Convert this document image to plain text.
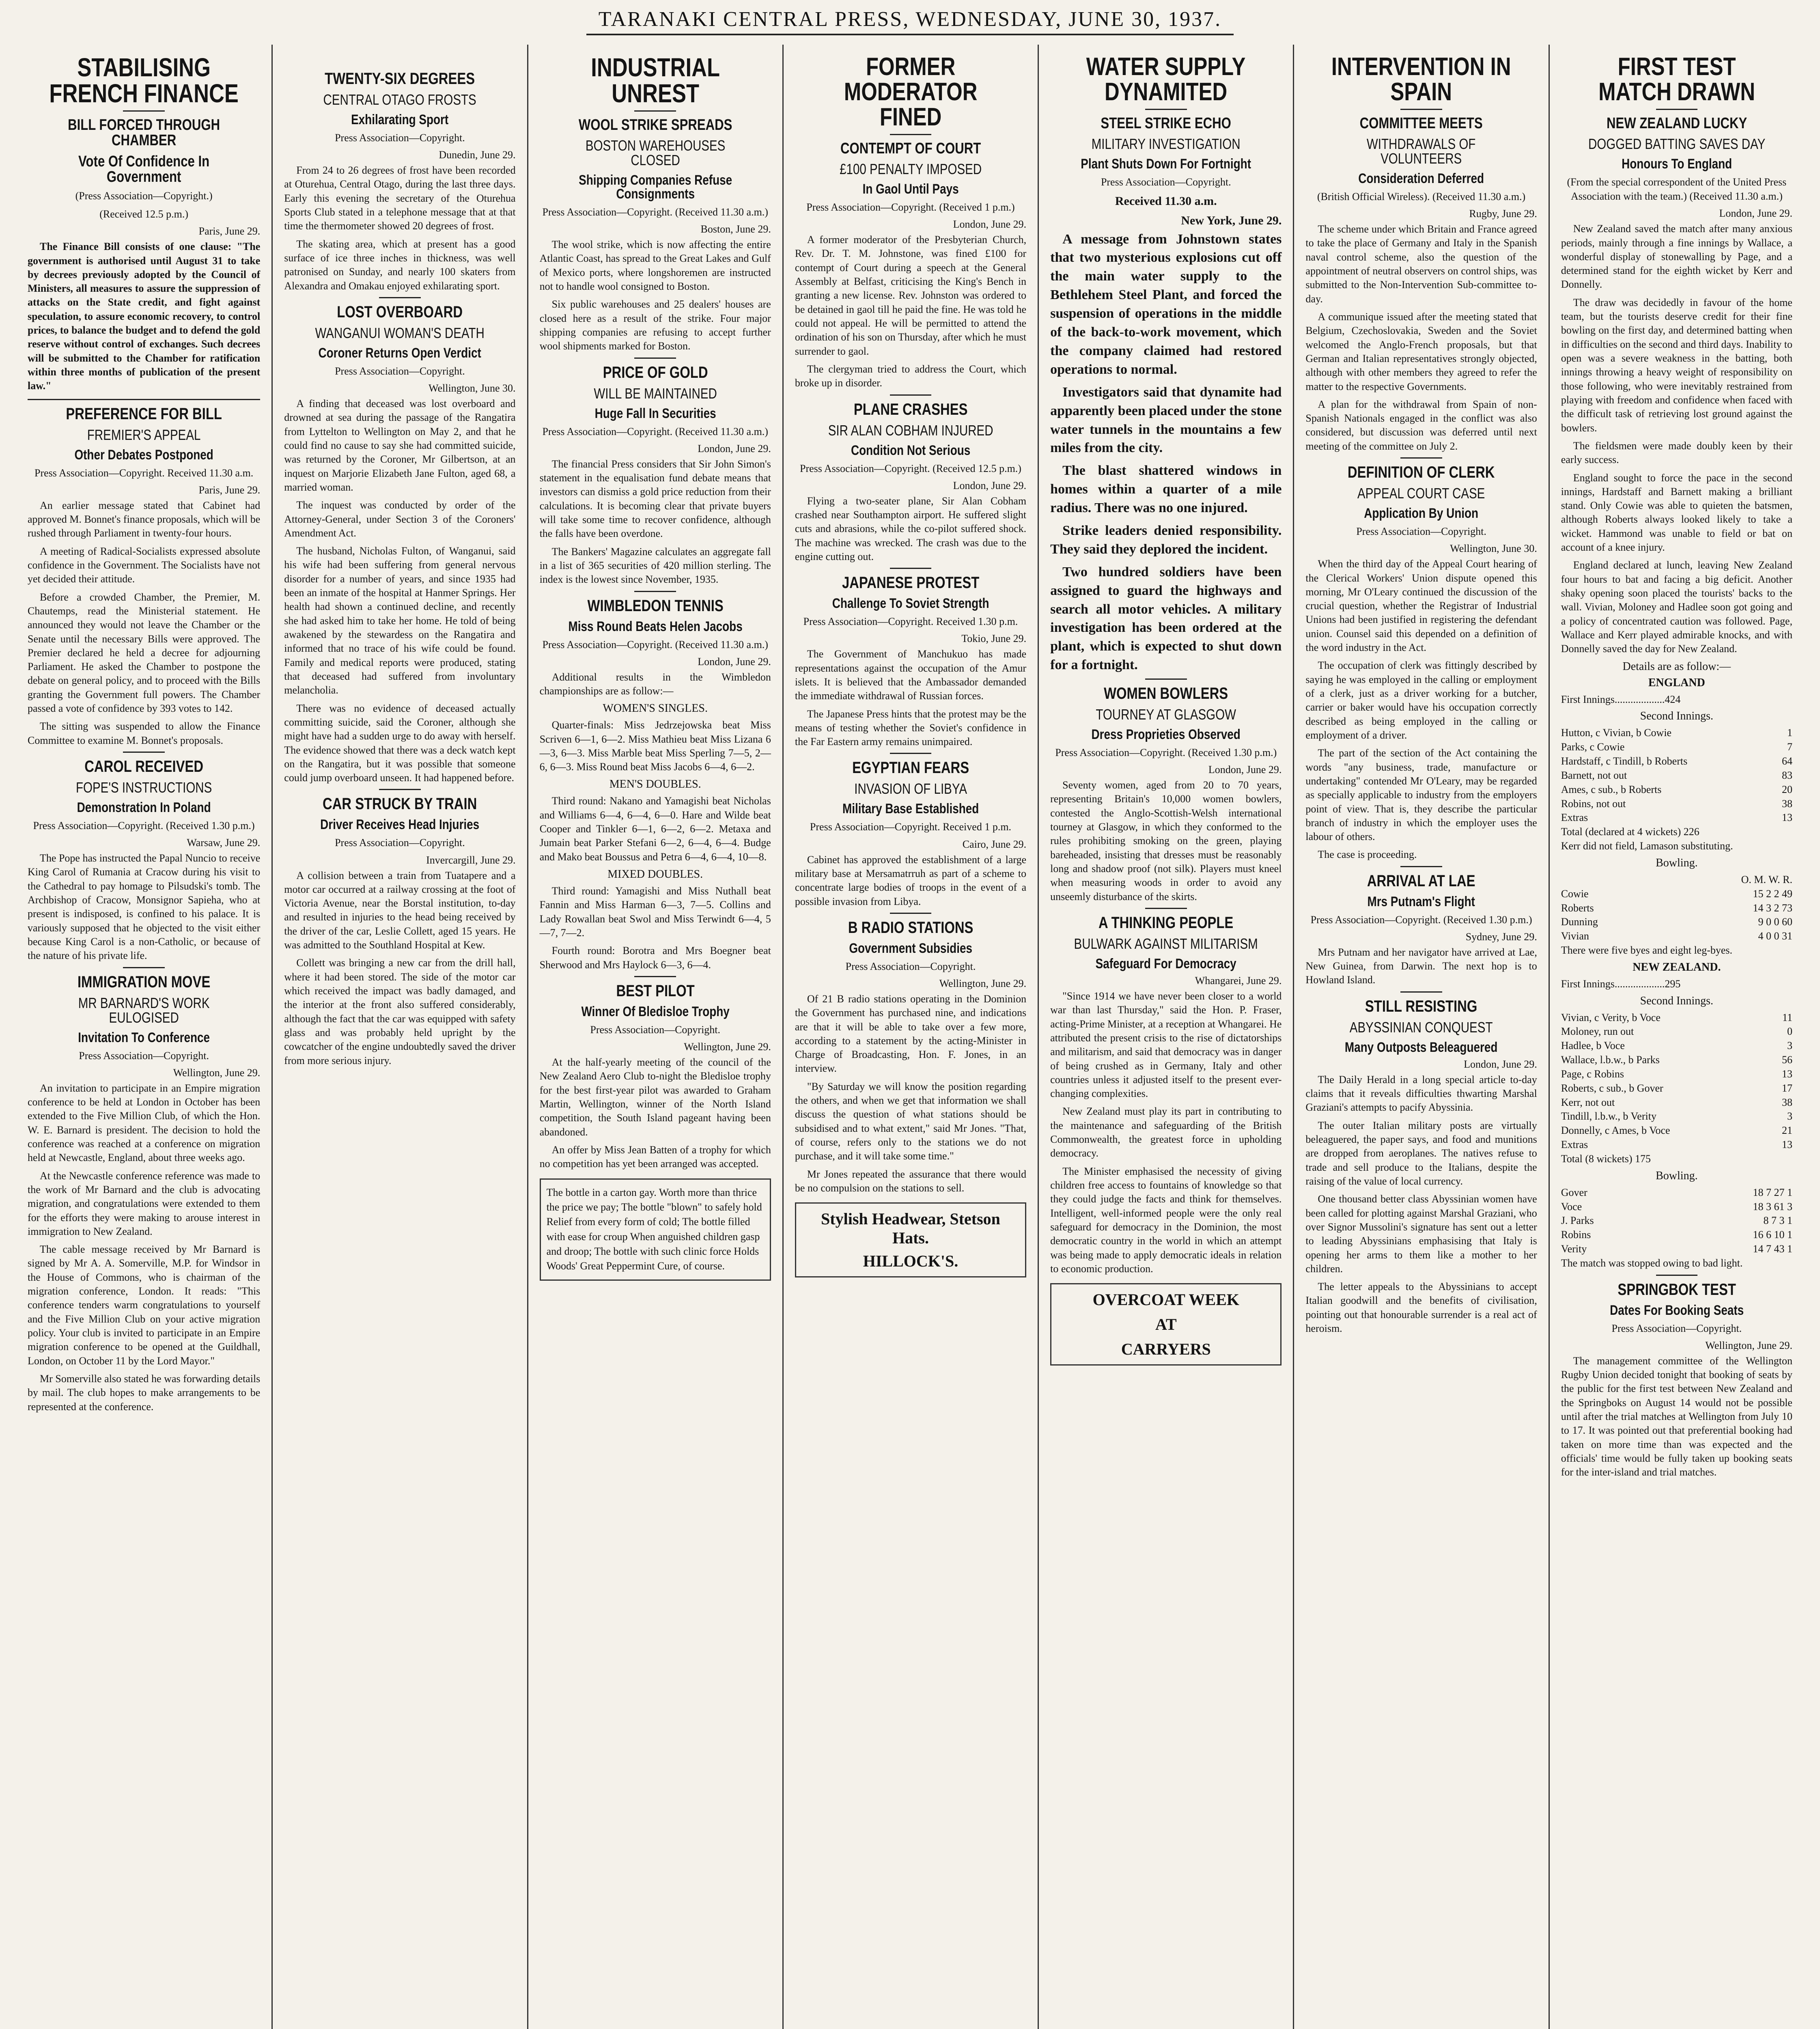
TARANAKI CENTRAL PRESS, WEDNESDAY, JUNE 30, 1937.
STABILISING FRENCH FINANCE
BILL FORCED THROUGH CHAMBER
Vote Of Confidence In Government
(Press Association—Copyright.)
(Received 12.5 p.m.)
Paris, June 29.

The Finance Bill consists of one clause: "The government is authorised until August 31 to take by decrees previously adopted by the Council of Ministers, all measures to assure the suppression of attacks on the State credit, and fight against speculation, to assure economic recovery, to control prices, to balance the budget and to defend the gold reserve without control of exchanges. Such decrees will be submitted to the Chamber for ratification within three months of publication of the present law."

PREFERENCE FOR BILL
FREMIER'S APPEAL
Other Debates Postponed
Press Association—Copyright. Received 11.30 a.m.
Paris, June 29.

An earlier message stated that Cabinet had approved M. Bonnet's finance proposals, which will be rushed through Parliament in twenty-four hours.

A meeting of Radical-Socialists expressed absolute confidence in the Government. The Socialists have not yet decided their attitude.

Before a crowded Chamber, the Premier, M. Chautemps, read the Ministerial statement. He announced they would not leave the Chamber or the Senate until the necessary Bills were approved. The Premier declared he held a decree for adjourning Parliament. He asked the Chamber to postpone the debate on general policy, and to proceed with the Bills granting the Government full powers. The Chamber passed a vote of confidence by 393 votes to 142.

The sitting was suspended to allow the Finance Committee to examine M. Bonnet's proposals.

CAROL RECEIVED
FOPE'S INSTRUCTIONS
Demonstration In Poland
Press Association—Copyright. (Received 1.30 p.m.)
Warsaw, June 29.

The Pope has instructed the Papal Nuncio to receive King Carol of Rumania at Cracow during his visit to the Cathedral to pay homage to Pilsudski's tomb. The Archbishop of Cracow, Monsignor Sapieha, who at present is indisposed, is confined to his palace. It is variously supposed that he objected to the visit either because King Carol is a non-Catholic, or because of the nature of his private life.

IMMIGRATION MOVE
MR BARNARD'S WORK EULOGISED
Invitation To Conference
Press Association—Copyright.
Wellington, June 29.

An invitation to participate in an Empire migration conference to be held at London in October has been extended to the Five Million Club, of which the Hon. W. E. Barnard is president. The decision to hold the conference was reached at a conference on migration held at Newcastle, England, about three weeks ago.

At the Newcastle conference reference was made to the work of Mr Barnard and the club is advocating migration, and congratulations were extended to them for the efforts they were making to arouse interest in immigration to New Zealand.

The cable message received by Mr Barnard is signed by Mr A. A. Somerville, M.P. for Windsor in the House of Commons, who is chairman of the migration conference, London. It reads: "This conference tenders warm congratulations to yourself and the Five Million Club on your active migration policy. Your club is invited to participate in an Empire migration conference to be opened at the Guildhall, London, on October 11 by the Lord Mayor."

Mr Somerville also stated he was forwarding details by mail. The club hopes to make arrangements to be represented at the conference.

TWENTY-SIX DEGREES
CENTRAL OTAGO FROSTS
Exhilarating Sport
Press Association—Copyright.
Dunedin, June 29.

From 24 to 26 degrees of frost have been recorded at Oturehua, Central Otago, during the last three days. Early this evening the secretary of the Oturehua Sports Club stated in a telephone message that at that time the thermometer showed 20 degrees of frost.

The skating area, which at present has a good surface of ice three inches in thickness, was well patronised on Sunday, and nearly 100 skaters from Alexandra and Omakau enjoyed exhilarating sport.

LOST OVERBOARD
WANGANUI WOMAN'S DEATH
Coroner Returns Open Verdict
Press Association—Copyright.
Wellington, June 30.

A finding that deceased was lost overboard and drowned at sea during the passage of the Rangatira from Lyttelton to Wellington on May 2, and that he could find no cause to say she had committed suicide, was returned by the Coroner, Mr Gilbertson, at an inquest on Marjorie Elizabeth Jane Fulton, aged 68, a married woman.

The inquest was conducted by order of the Attorney-General, under Section 3 of the Coroners' Amendment Act.

The husband, Nicholas Fulton, of Wanganui, said his wife had been suffering from general nervous disorder for a number of years, and since 1935 had been an inmate of the hospital at Hanmer Springs. Her health had shown a continued decline, and recently she had asked him to take her home. He told of being awakened by the stewardess on the Rangatira and informed that no trace of his wife could be found. Family and medical reports were produced, stating that deceased had suffered from involuntary melancholia.

There was no evidence of deceased actually committing suicide, said the Coroner, although she might have had a sudden urge to do away with herself. The evidence showed that there was a deck watch kept on the Rangatira, but it was possible that someone could jump overboard unseen. It had happened before.

CAR STRUCK BY TRAIN
Driver Receives Head Injuries
Press Association—Copyright.
Invercargill, June 29.

A collision between a train from Tuatapere and a motor car occurred at a railway crossing at the foot of Victoria Avenue, near the Borstal institution, to-day and resulted in injuries to the head being received by the driver of the car, Leslie Collett, aged 15 years. He was admitted to the Southland Hospital at Kew.

Collett was bringing a new car from the drill hall, where it had been stored. The side of the motor car which received the impact was badly damaged, and the interior at the front also suffered considerably, although the fact that the car was equipped with safety glass and was probably held upright by the cowcatcher of the engine undoubtedly saved the driver from more serious injury.

INDUSTRIAL UNREST
WOOL STRIKE SPREADS
BOSTON WAREHOUSES CLOSED
Shipping Companies Refuse Consignments
Press Association—Copyright. (Received 11.30 a.m.)
Boston, June 29.

The wool strike, which is now affecting the entire Atlantic Coast, has spread to the Great Lakes and Gulf of Mexico ports, where longshoremen are instructed not to handle wool consigned to Boston.

Six public warehouses and 25 dealers' houses are closed here as a result of the strike. Four major shipping companies are refusing to accept further wool shipments marked for Boston.

PRICE OF GOLD
WILL BE MAINTAINED
Huge Fall In Securities
Press Association—Copyright. (Received 11.30 a.m.)
London, June 29.

The financial Press considers that Sir John Simon's statement in the equalisation fund debate means that investors can dismiss a gold price reduction from their calculations. It is becoming clear that private buyers will take some time to recover confidence, although the falls have been overdone.

The Bankers' Magazine calculates an aggregate fall in a list of 365 securities of 420 million sterling. The index is the lowest since November, 1935.

WIMBLEDON TENNIS
Miss Round Beats Helen Jacobs
Press Association—Copyright. (Received 11.30 a.m.)
London, June 29.

Additional results in the Wimbledon championships are as follow:—

WOMEN'S SINGLES.

Quarter-finals: Miss Jedrzejowska beat Miss Scriven 6—1, 6—2. Miss Mathieu beat Miss Lizana 6—3, 6—3. Miss Marble beat Miss Sperling 7—5, 2—6, 6—3. Miss Round beat Miss Jacobs 6—4, 6—2.

MEN'S DOUBLES.

Third round: Nakano and Yamagishi beat Nicholas and Williams 6—4, 6—4, 6—0. Hare and Wilde beat Cooper and Tinkler 6—1, 6—2, 6—2. Metaxa and Jumain beat Parker Stefani 6—2, 6—4, 6—4. Budge and Mako beat Boussus and Petra 6—4, 6—4, 10—8.

MIXED DOUBLES.

Third round: Yamagishi and Miss Nuthall beat Fannin and Miss Harman 6—3, 7—5. Collins and Lady Rowallan beat Swol and Miss Terwindt 6—4, 5—7, 7—2.

Fourth round: Borotra and Mrs Boegner beat Sherwood and Mrs Haylock 6—3, 6—4.

BEST PILOT
Winner Of Bledisloe Trophy
Press Association—Copyright.
Wellington, June 29.

At the half-yearly meeting of the council of the New Zealand Aero Club to-night the Bledisloe trophy for the best first-year pilot was awarded to Graham Martin, Wellington, winner of the North Island competition, the South Island pageant having been abandoned.

An offer by Miss Jean Batten of a trophy for which no competition has yet been arranged was accepted.

The bottle in a carton gay. Worth more than thrice the price we pay; The bottle "blown" to safely hold Relief from every form of cold; The bottle filled with ease for croup When anguished children gasp and droop; The bottle with such clinic force Holds Woods' Great Peppermint Cure, of course.
FORMER MODERATOR FINED
CONTEMPT OF COURT
£100 PENALTY IMPOSED
In Gaol Until Pays
Press Association—Copyright. (Received 1 p.m.)
London, June 29.

A former moderator of the Presbyterian Church, Rev. Dr. T. M. Johnstone, was fined £100 for contempt of Court during a speech at the General Assembly at Belfast, criticising the King's Bench in granting a new license. Rev. Johnston was ordered to be detained in gaol till he paid the fine. He was told he could not appeal. He will be permitted to attend the ordination of his son on Thursday, after which he must surrender to gaol.

The clergyman tried to address the Court, which broke up in disorder.

PLANE CRASHES
SIR ALAN COBHAM INJURED
Condition Not Serious
Press Association—Copyright. (Received 12.5 p.m.)
London, June 29.

Flying a two-seater plane, Sir Alan Cobham crashed near Southampton airport. He suffered slight cuts and abrasions, while the co-pilot suffered shock. The machine was wrecked. The crash was due to the engine cutting out.

JAPANESE PROTEST
Challenge To Soviet Strength
Press Association—Copyright. Received 1.30 p.m.
Tokio, June 29.

The Government of Manchukuo has made representations against the occupation of the Amur islets. It is believed that the Ambassador demanded the immediate withdrawal of Russian forces.

The Japanese Press hints that the protest may be the means of testing whether the Soviet's confidence in the Far Eastern army remains unimpaired.

EGYPTIAN FEARS
INVASION OF LIBYA
Military Base Established
Press Association—Copyright. Received 1 p.m.
Cairo, June 29.

Cabinet has approved the establishment of a large military base at Mersamatrruh as part of a scheme to concentrate large bodies of troops in the event of a possible invasion from Libya.

B RADIO STATIONS
Government Subsidies
Press Association—Copyright.
Wellington, June 29.

Of 21 B radio stations operating in the Dominion the Government has purchased nine, and indications are that it will be able to take over a few more, according to a statement by the acting-Minister in Charge of Broadcasting, Hon. F. Jones, in an interview.

"By Saturday we will know the position regarding the others, and when we get that information we shall discuss the question of what stations should be subsidised and to what extent," said Mr Jones. "That, of course, refers only to the stations we do not purchase, and it will take some time."

Mr Jones repeated the assurance that there would be no compulsion on the stations to sell.

Stylish Headwear, Stetson Hats.
HILLOCK'S.
WATER SUPPLY DYNAMITED
STEEL STRIKE ECHO
MILITARY INVESTIGATION
Plant Shuts Down For Fortnight
Press Association—Copyright.
Received 11.30 a.m.
New York, June 29.

A message from Johnstown states that two mysterious explosions cut off the main water supply to the Bethlehem Steel Plant, and forced the suspension of operations in the middle of the back-to-work movement, which the company claimed had restored operations to normal.

Investigators said that dynamite had apparently been placed under the stone water tunnels in the mountains a few miles from the city.

The blast shattered windows in homes within a quarter of a mile radius. There was no one injured.

Strike leaders denied responsibility. They said they deplored the incident.

Two hundred soldiers have been assigned to guard the highways and search all motor vehicles. A military investigation has been ordered at the plant, which is expected to shut down for a fortnight.

WOMEN BOWLERS
TOURNEY AT GLASGOW
Dress Proprieties Observed
Press Association—Copyright. (Received 1.30 p.m.)
London, June 29.

Seventy women, aged from 20 to 70 years, representing Britain's 10,000 women bowlers, contested the Anglo-Scottish-Welsh international tourney at Glasgow, in which they conformed to the rules prohibiting smoking on the green, playing bareheaded, insisting that dresses must be reasonably long and shadow proof (not silk). Players must kneel when measuring woods in order to avoid any unseemly disturbance of the skirts.

A THINKING PEOPLE
BULWARK AGAINST MILITARISM
Safeguard For Democracy
Whangarei, June 29.

"Since 1914 we have never been closer to a world war than last Thursday," said the Hon. P. Fraser, acting-Prime Minister, at a reception at Whangarei. He attributed the present crisis to the rise of dictatorships and militarism, and said that democracy was in danger of being crushed as in Germany, Italy and other countries unless it adjusted itself to the present ever-changing complexities.

New Zealand must play its part in contributing to the maintenance and safeguarding of the British Commonwealth, the greatest force in upholding democracy.

The Minister emphasised the necessity of giving children free access to fountains of knowledge so that they could judge the facts and think for themselves. Intelligent, well-informed people were the only real safeguard for democracy in the Dominion, the most democratic country in the world in which an attempt was being made to apply democratic ideals in relation to economic production.

OVERCOAT WEEK
AT
CARRYERS
INTERVENTION IN SPAIN
COMMITTEE MEETS
WITHDRAWALS OF VOLUNTEERS
Consideration Deferred
(British Official Wireless). (Received 11.30 a.m.)
Rugby, June 29.

The scheme under which Britain and France agreed to take the place of Germany and Italy in the Spanish naval control scheme, also the question of the appointment of neutral observers on control ships, was submitted to the Non-Intervention Sub-committee to-day.

A communique issued after the meeting stated that Belgium, Czechoslovakia, Sweden and the Soviet welcomed the Anglo-French proposals, but that German and Italian representatives strongly objected, although with other members they agreed to refer the matter to the respective Governments.

A plan for the withdrawal from Spain of non-Spanish Nationals engaged in the conflict was also considered, but discussion was deferred until next meeting of the committee on July 2.

DEFINITION OF CLERK
APPEAL COURT CASE
Application By Union
Press Association—Copyright.
Wellington, June 30.

When the third day of the Appeal Court hearing of the Clerical Workers' Union dispute opened this morning, Mr O'Leary continued the discussion of the crucial question, whether the Registrar of Industrial Unions had been justified in registering the defendant union. Counsel said this depended on a definition of the word industry in the Act.

The occupation of clerk was fittingly described by saying he was employed in the calling or employment of a clerk, just as a driver working for a butcher, carrier or baker would have his occupation correctly described as being employed in the calling or employment of a driver.

The part of the section of the Act containing the words "any business, trade, manufacture or undertaking" contended Mr O'Leary, may be regarded as specially applicable to industry from the employers point of view. That is, they describe the particular branch of industry in which the employer uses the labour of others.

The case is proceeding.

ARRIVAL AT LAE
Mrs Putnam's Flight
Press Association—Copyright. (Received 1.30 p.m.)
Sydney, June 29.

Mrs Putnam and her navigator have arrived at Lae, New Guinea, from Darwin. The next hop is to Howland Island.

STILL RESISTING
ABYSSINIAN CONQUEST
Many Outposts Beleaguered
London, June 29.

The Daily Herald in a long special article to-day claims that it reveals difficulties thwarting Marshal Graziani's attempts to pacify Abyssinia.

The outer Italian military posts are virtually beleaguered, the paper says, and food and munitions are dropped from aeroplanes. The natives refuse to trade and sell produce to the Italians, despite the raising of the value of local currency.

One thousand better class Abyssinian women have been called for plotting against Marshal Graziani, who over Signor Mussolini's signature has sent out a letter to leading Abyssinians emphasising that Italy is opening her arms to them like a mother to her children.

The letter appeals to the Abyssinians to accept Italian goodwill and the benefits of civilisation, pointing out that honourable surrender is a real act of heroism.

FIRST TEST MATCH DRAWN
NEW ZEALAND LUCKY
DOGGED BATTING SAVES DAY
Honours To England
(From the special correspondent of the United Press Association with the team.) (Received 11.30 a.m.)
London, June 29.

New Zealand saved the match after many anxious periods, mainly through a fine innings by Wallace, a wonderful display of stonewalling by Page, and a determined stand for the eighth wicket by Kerr and Donnelly.

The draw was decidedly in favour of the home team, but the tourists deserve credit for their fine bowling on the first day, and determined batting when in difficulties on the second and third days. Inability to open was a severe weakness in the batting, both innings throwing a heavy weight of responsibility on those following, who were inevitably restrained from playing with freedom and confidence when faced with the difficult task of retrieving lost ground against the bowlers.

The fieldsmen were made doubly keen by their early success.

England sought to force the pace in the second innings, Hardstaff and Barnett making a brilliant stand. Only Cowie was able to quieten the batsmen, although Roberts always looked likely to take a wicket. Hammond was unable to field or bat on account of a knee injury.

England declared at lunch, leaving New Zealand four hours to bat and facing a big deficit. Another shaky opening soon placed the tourists' backs to the wall. Vivian, Moloney and Hadlee soon got going and a policy of concentrated caution was followed. Page, Wallace and Kerr played admirable knocks, and with Donnelly saved the day for New Zealand.

Details are as follow:—
ENGLAND
First Innings...................424
Second Innings.
Hutton, c Vivian, b Cowie	1
Parks, c Cowie	7
Hardstaff, c Tindill, b Roberts	64
Barnett, not out	83
Ames, c sub., b Roberts	20
Robins, not out	38
Extras	13
Total (declared at 4 wickets) 226
Kerr did not field, Lamason substituting.
Bowling.
O. M. W. R.
Cowie	15 2 2 49
Roberts	14 3 2 73
Dunning	9 0 0 60
Vivian	4 0 0 31
There were five byes and eight leg-byes.
NEW ZEALAND.
First Innings...................295
Second Innings.
Vivian, c Verity, b Voce	11
Moloney, run out	0
Hadlee, b Voce	3
Wallace, l.b.w., b Parks	56
Page, c Robins	13
Roberts, c sub., b Gover	17
Kerr, not out	38
Tindill, l.b.w., b Verity	3
Donnelly, c Ames, b Voce	21
Extras	13
Total (8 wickets) 175
Bowling.
Gover	18 7 27 1
Voce	18 3 61 3
J. Parks	8 7 3 1
Robins	16 6 10 1
Verity	14 7 43 1
The match was stopped owing to bad light.
SPRINGBOK TEST
Dates For Booking Seats
Press Association—Copyright.
Wellington, June 29.

The management committee of the Wellington Rugby Union decided tonight that booking of seats by the public for the first test between New Zealand and the Springboks on August 14 would not be possible until after the trial matches at Wellington from July 10 to 17. It was pointed out that preferential booking had taken on more time than was expected and the officials' time would be fully taken up booking seats for the inter-island and trial matches.
